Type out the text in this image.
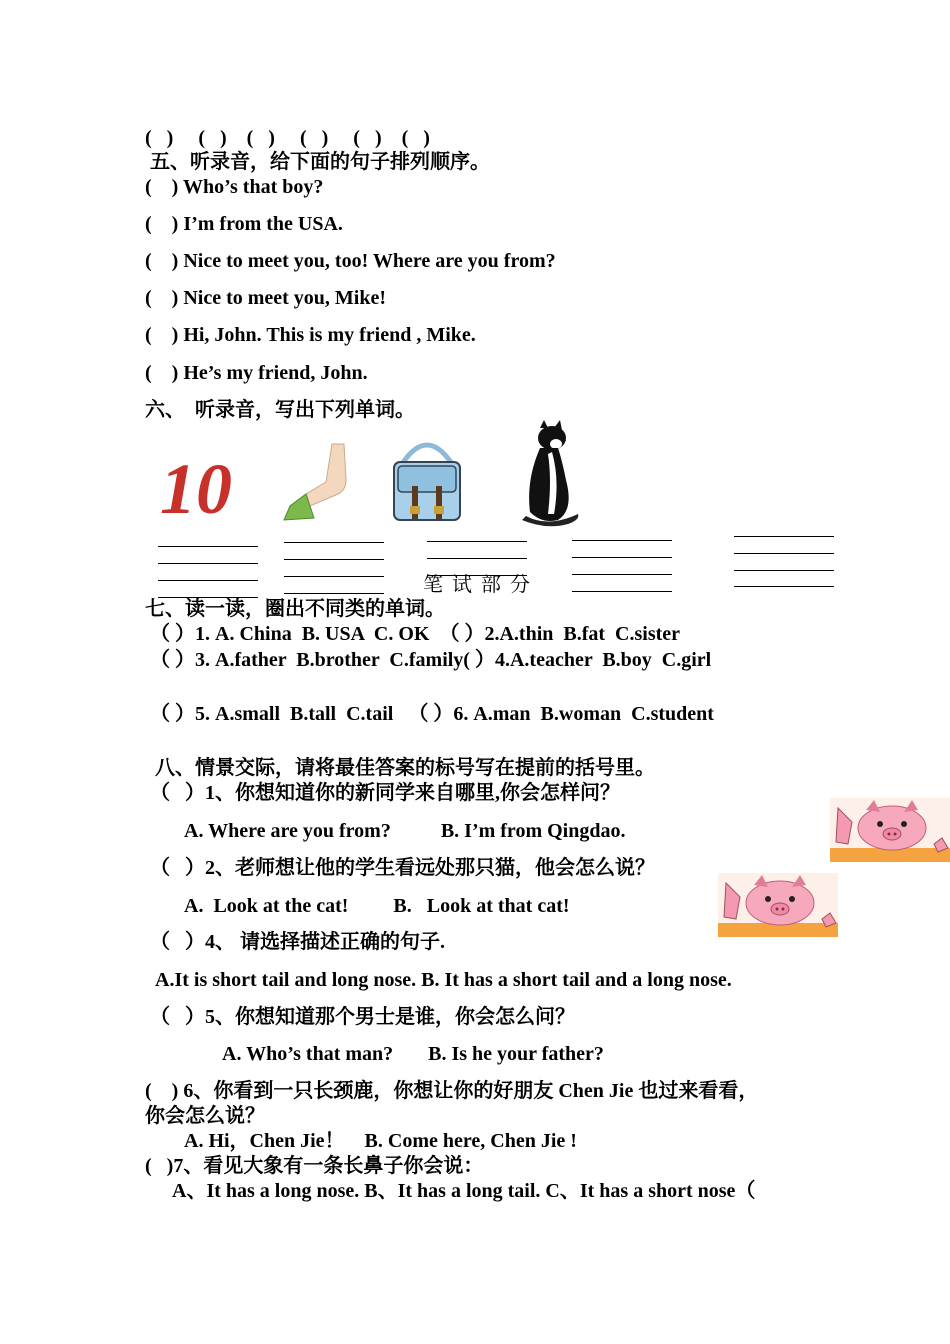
(   )     (   )    (   )     (   )     (   )    (   )
五、听录音，给下面的句子排列顺序。
(    ) Who’s that boy?
(    ) I’m from the USA.
(    ) Nice to meet you, too! Where are you from?
(    ) Nice to meet you, Mike!
(    ) Hi, John. This is my friend , Mike.
(    ) He’s my friend, John.
六、  听录音，写出下列单词。
10
笔 试 部 分
七、读一读，圈出不同类的单词。
（ ）1. A. China  B. USA  C. OK  （ ）2.A.thin  B.fat  C.sister
（ ）3. A.father  B.brother  C.family( ）4.A.teacher  B.boy  C.girl
（ ）5. A.small  B.tall  C.tail   （ ）6. A.man  B.woman  C.student
八、情景交际，请将最佳答案的标号写在提前的括号里。
（   ）1、你想知道你的新同学来自哪里,你会怎样问？
A. Where are you from?          B. I’m from Qingdao.
（   ）2、老师想让他的学生看远处那只猫，他会怎么说？
A.  Look at the cat!         B.   Look at that cat!
（   ）4、 请选择描述正确的句子.
A.It is short tail and long nose. B. It has a short tail and a long nose.
（   ）5、你想知道那个男士是谁，你会怎么问？
A. Who’s that man?       B. Is he your father?
(    ) 6、你看到一只长颈鹿，你想让你的好朋友 Chen Jie 也过来看看，
你会怎么说？
A. Hi，Chen Jie！    B. Come here, Chen Jie !
(   )7、看见大象有一条长鼻子你会说：
A、It has a long nose. B、It has a long tail. C、It has a short nose（
